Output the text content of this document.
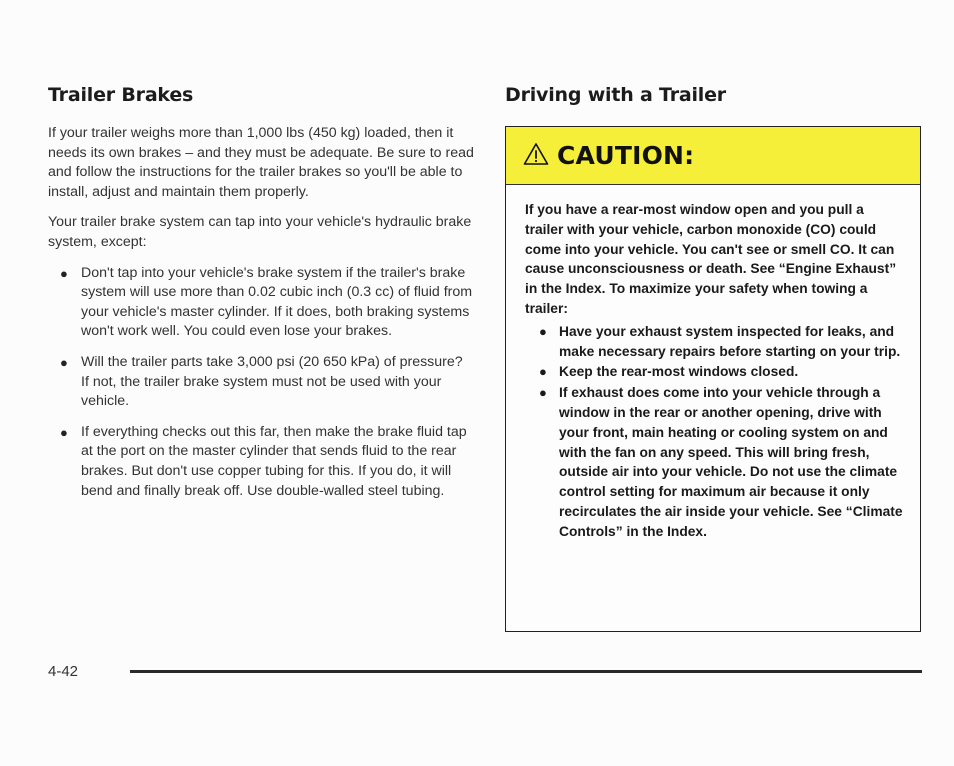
Trailer Brakes

If your trailer weighs more than 1,000 lbs (450 kg) loaded, then it needs its own brakes – and they must be adequate. Be sure to read and follow the instructions for the trailer brakes so you'll be able to install, adjust and maintain them properly.

Your trailer brake system can tap into your vehicle's hydraulic brake system, except:

● Don't tap into your vehicle's brake system if the trailer's brake system will use more than 0.02 cubic inch (0.3 cc) of fluid from your vehicle's master cylinder. If it does, both braking systems won't work well. You could even lose your brakes.
● Will the trailer parts take 3,000 psi (20 650 kPa) of pressure? If not, the trailer brake system must not be used with your vehicle.
● If everything checks out this far, then make the brake fluid tap at the port on the master cylinder that sends fluid to the rear brakes. But don't use copper tubing for this. If you do, it will bend and finally break off. Use double-walled steel tubing.
Driving with a Trailer
CAUTION:

If you have a rear-most window open and you pull a trailer with your vehicle, carbon monoxide (CO) could come into your vehicle. You can't see or smell CO. It can cause unconsciousness or death. See “Engine Exhaust” in the Index. To maximize your safety when towing a trailer:

● Have your exhaust system inspected for leaks, and make necessary repairs before starting on your trip.
● Keep the rear-most windows closed.
● If exhaust does come into your vehicle through a window in the rear or another opening, drive with your front, main heating or cooling system on and with the fan on any speed. This will bring fresh, outside air into your vehicle. Do not use the climate control setting for maximum air because it only recirculates the air inside your vehicle. See “Climate Controls” in the Index.
4-42
